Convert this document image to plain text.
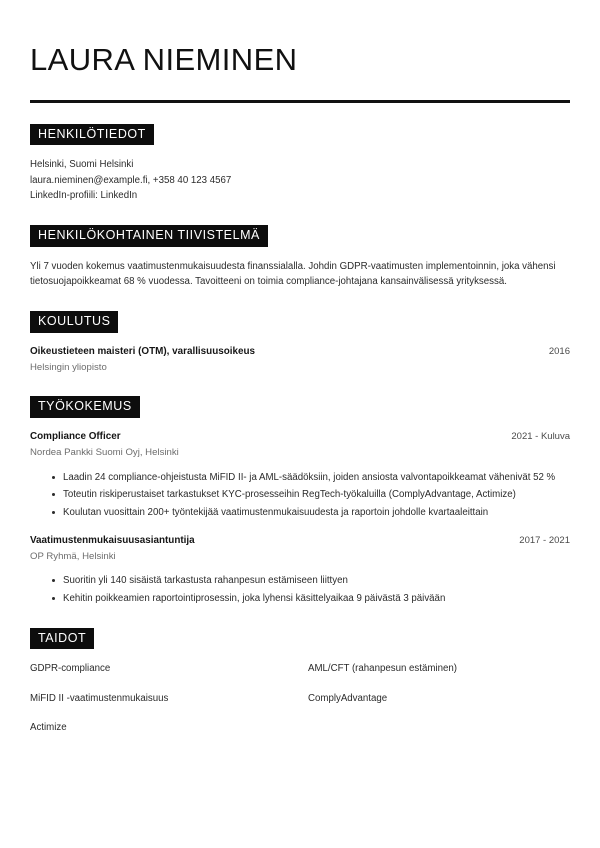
LAURA NIEMINEN
HENKILÖTIEDOT
Helsinki, Suomi Helsinki
laura.nieminen@example.fi, +358 40 123 4567
LinkedIn-profiili: LinkedIn
HENKILÖKOHTAINEN TIIVISTELMÄ

Yli 7 vuoden kokemus vaatimustenmukaisuudesta finanssialalla. Johdin GDPR-vaatimusten implementoinnin, joka vähensi tietosuojapoikkeamat 68 % vuodessa. Tavoitteeni on toimia compliance-johtajana kansainvälisessä yrityksessä.

KOULUTUS
Oikeustieteen maisteri (OTM), varallisuusoikeus	2016
Helsingin yliopisto
TYÖKOKEMUS
Compliance Officer	2021 - Kuluva
Nordea Pankki Suomi Oyj, Helsinki
Laadin 24 compliance-ohjeistusta MiFID II- ja AML-säädöksiin, joiden ansiosta valvontapoikkeamat vähenivät 52 %
Toteutin riskiperustaiset tarkastukset KYC-prosesseihin RegTech-työkaluilla (ComplyAdvantage, Actimize)
Koulutan vuosittain 200+ työntekijää vaatimustenmukaisuudesta ja raportoin johdolle kvartaaleittain
Vaatimustenmukaisuusasiantuntija	2017 - 2021
OP Ryhmä, Helsinki
Suoritin yli 140 sisäistä tarkastusta rahanpesun estämiseen liittyen
Kehitin poikkeamien raportointiprosessin, joka lyhensi käsittelyaikaa 9 päivästä 3 päivään
TAIDOT
GDPR-compliance	AML/CFT (rahanpesun estäminen)
MiFID II -vaatimustenmukaisuus	ComplyAdvantage
Actimize
